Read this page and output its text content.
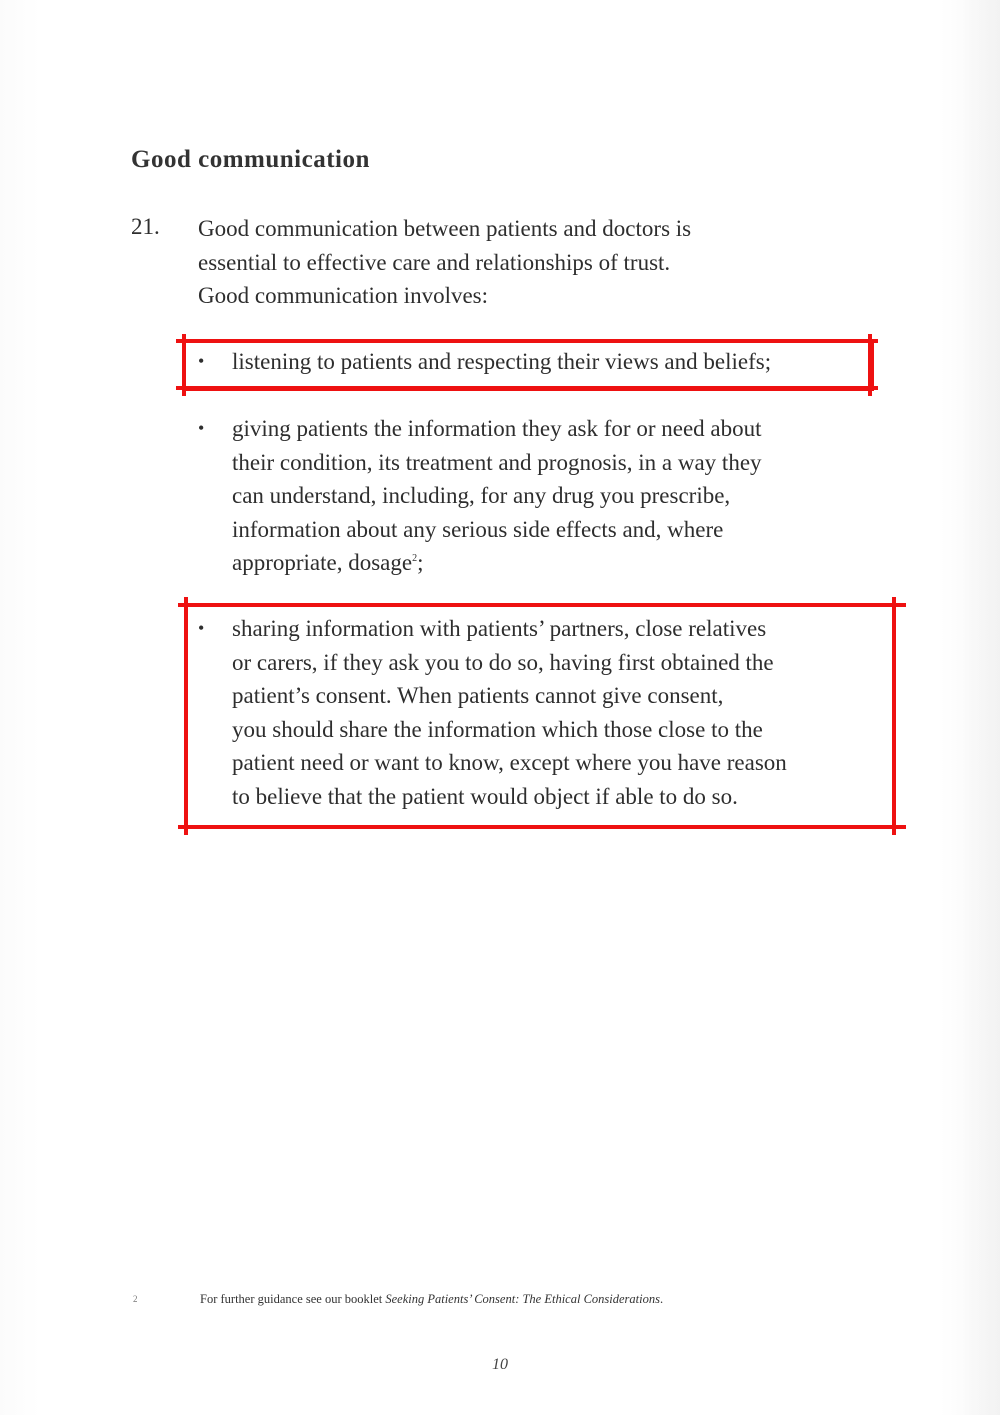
Good communication
21. Good communication between patients and doctors is
essential to effective care and relationships of trust.
Good communication involves:
•	listening to patients and respecting their views and beliefs;
•	giving patients the information they ask for or need about
their condition, its treatment and prognosis, in a way they
can understand, including, for any drug you prescribe,
information about any serious side effects and, where
appropriate, dosage$^2$;
•	sharing information with patients’ partners, close relatives
or carers, if they ask you to do so, having first obtained the
patient’s consent. When patients cannot give consent,
you should share the information which those close to the
patient need or want to know, except where you have reason
to believe that the patient would object if able to do so.
2	For further guidance see our booklet Seeking Patients’ Consent: The Ethical Considerations.
10
